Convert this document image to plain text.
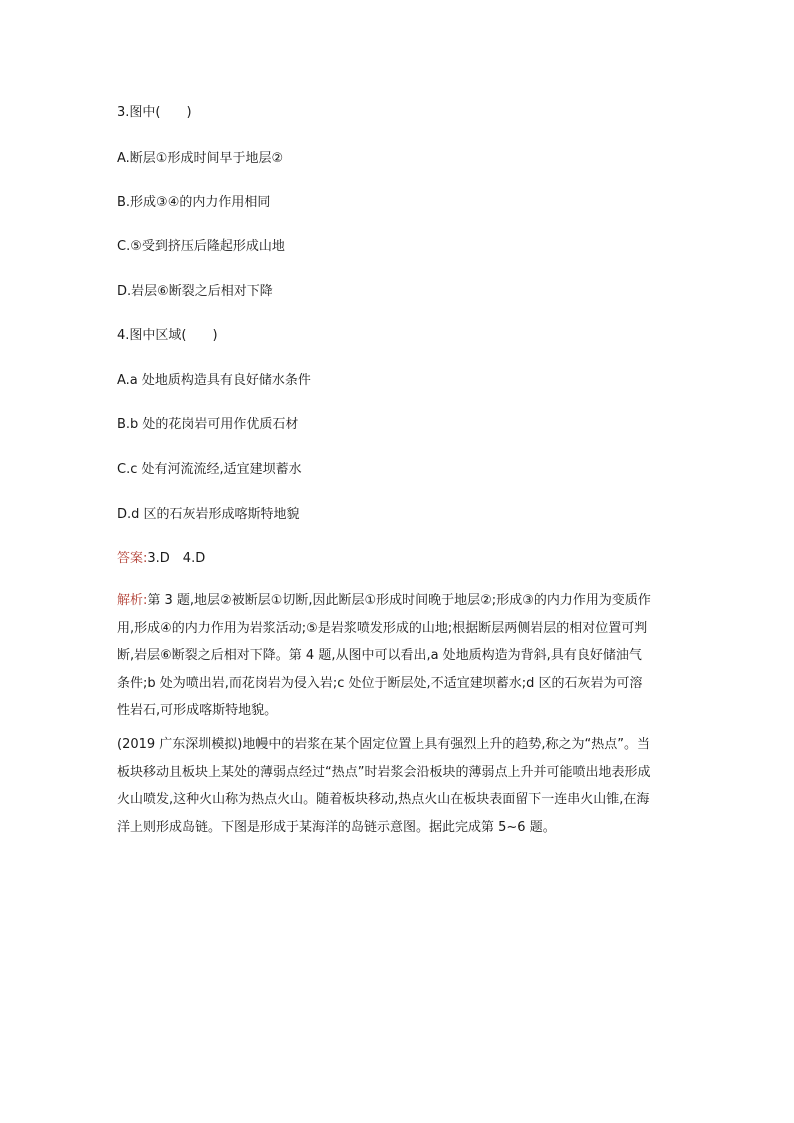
3.图中(　　)

A.断层①形成时间早于地层②

B.形成③④的内力作用相同

C.⑤受到挤压后隆起形成山地

D.岩层⑥断裂之后相对下降

4.图中区域(　　)

A.a 处地质构造具有良好储水条件

B.b 处的花岗岩可用作优质石材

C.c 处有河流流经,适宜建坝蓄水

D.d 区的石灰岩形成喀斯特地貌

答案:3.D　4.D

解析:第 3 题,地层②被断层①切断,因此断层①形成时间晚于地层②;形成③的内力作用为变质作用,形成④的内力作用为岩浆活动;⑤是岩浆喷发形成的山地;根据断层两侧岩层的相对位置可判断,岩层⑥断裂之后相对下降。第 4 题,从图中可以看出,a 处地质构造为背斜,具有良好储油气条件;b 处为喷出岩,而花岗岩为侵入岩;c 处位于断层处,不适宜建坝蓄水;d 区的石灰岩为可溶性岩石,可形成喀斯特地貌。

(2019 广东深圳模拟)地幔中的岩浆在某个固定位置上具有强烈上升的趋势,称之为“热点”。当板块移动且板块上某处的薄弱点经过“热点”时岩浆会沿板块的薄弱点上升并可能喷出地表形成火山喷发,这种火山称为热点火山。随着板块移动,热点火山在板块表面留下一连串火山锥,在海洋上则形成岛链。下图是形成于某海洋的岛链示意图。据此完成第 5~6 题。
